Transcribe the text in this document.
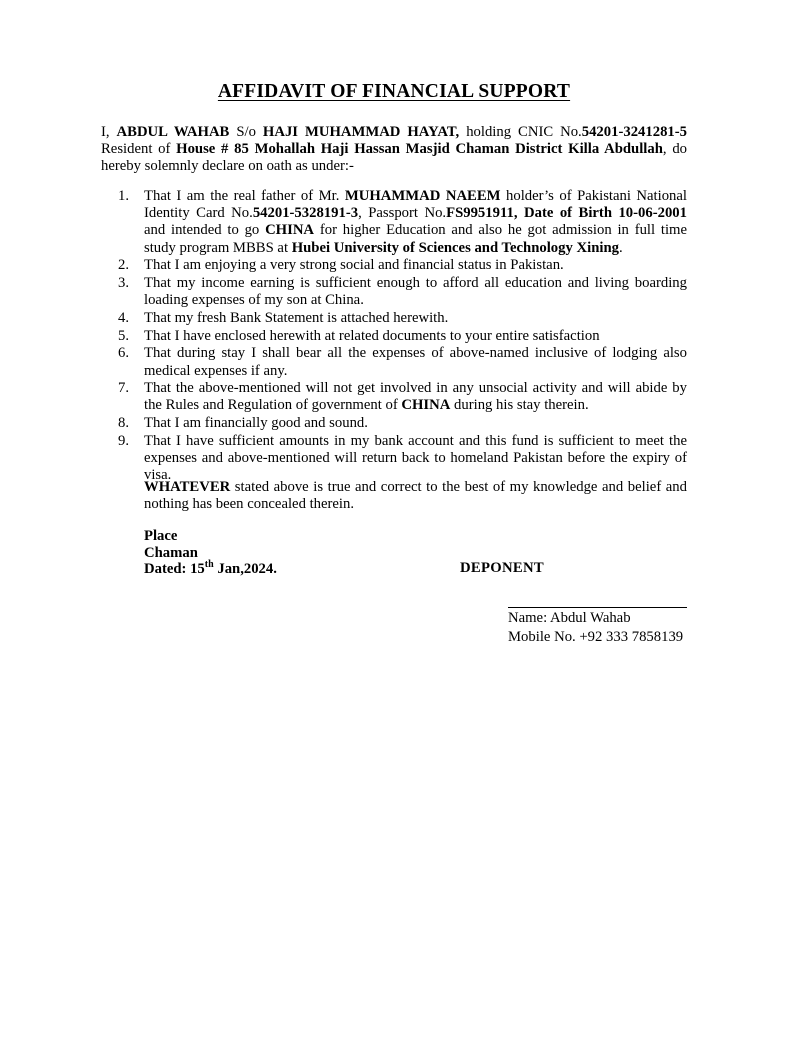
AFFIDAVIT OF FINANCIAL SUPPORT
I, ABDUL WAHAB S/o HAJI MUHAMMAD HAYAT, holding CNIC No.54201-3241281-5 Resident of House # 85 Mohallah Haji Hassan Masjid Chaman District Killa Abdullah, do hereby solemnly declare on oath as under:-
1.	That I am the real father of Mr. MUHAMMAD NAEEM holder’s of Pakistani National Identity Card No.54201-5328191-3, Passport No.FS9951911, Date of Birth 10-06-2001 and intended to go CHINA for higher Education and also he got admission in full time study program MBBS at Hubei University of Sciences and Technology Xining.
2.	That I am enjoying a very strong social and financial status in Pakistan.
3.	That my income earning is sufficient enough to afford all education and living boarding loading expenses of my son at China.
4.	That my fresh Bank Statement is attached herewith.
5.	That I have enclosed herewith at related documents to your entire satisfaction
6.	That during stay I shall bear all the expenses of above-named inclusive of lodging also medical expenses if any.
7.	That the above-mentioned will not get involved in any unsocial activity and will abide by the Rules and Regulation of government of CHINA during his stay therein.
8.	That I am financially good and sound.
9.	That I have sufficient amounts in my bank account and this fund is sufficient to meet the expenses and above-mentioned will return back to homeland Pakistan before the expiry of visa.
WHATEVER stated above is true and correct to the best of my knowledge and belief and nothing has been concealed therein.
Place
Chaman
Dated: 15th Jan,2024.	DEPONENT
Name: Abdul Wahab
Mobile No. +92 333 7858139
